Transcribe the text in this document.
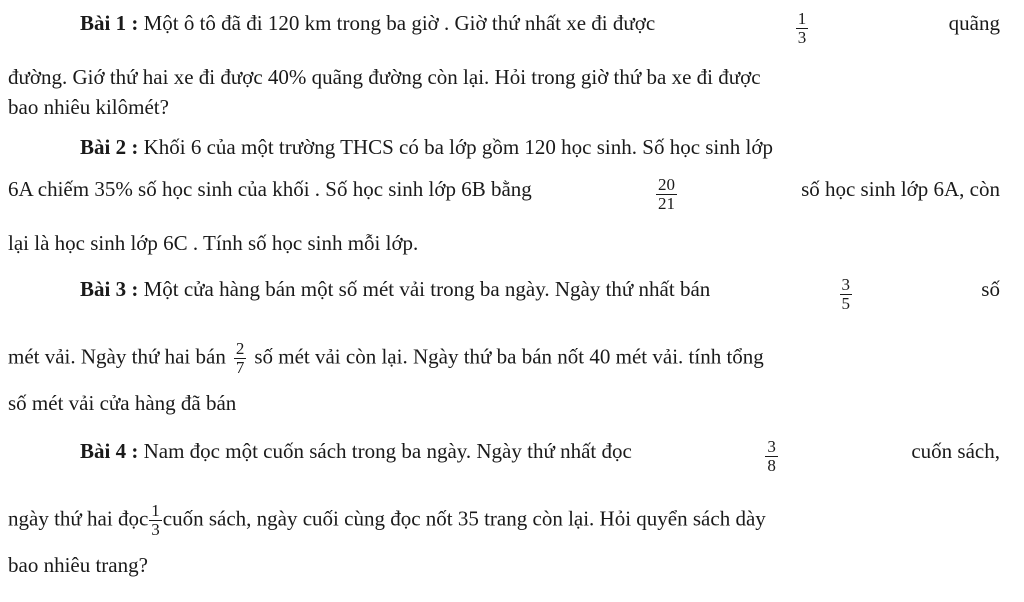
Bài 1 : Một ô tô đã đi 120 km trong ba giờ . Giờ thứ nhất xe đi được	$\frac{1}{3}$	quãng
đường. Giớ thứ hai xe đi được 40% quãng đường còn lại. Hỏi trong giờ thứ ba xe đi được
bao nhiêu kilômét?
Bài 2 : Khối 6 của một trường THCS có ba lớp gồm 120 học sinh. Số học sinh lớp
6A chiếm 35% số học sinh của khối . Số học sinh lớp 6B bằng	$\frac{20}{21}$	số học sinh lớp 6A, còn
lại là học sinh lớp 6C . Tính số học sinh mỗi lớp.
Bài 3 : Một cửa hàng bán một số mét vải trong ba ngày. Ngày thứ nhất bán	$\frac{3}{5}$	số
mét vải. Ngày thứ hai bán $\frac{2}{7}$ số mét vải còn lại. Ngày thứ ba bán nốt 40 mét vải. tính tổng
số mét vải cửa hàng đã bán
Bài 4 : Nam đọc một cuốn sách trong ba ngày. Ngày thứ nhất đọc	$\frac{3}{8}$	cuốn sách,
ngày thứ hai đọc $\frac{1}{3}$ cuốn sách, ngày cuối cùng đọc nốt 35 trang còn lại. Hỏi quyển sách dày
bao nhiêu trang?
